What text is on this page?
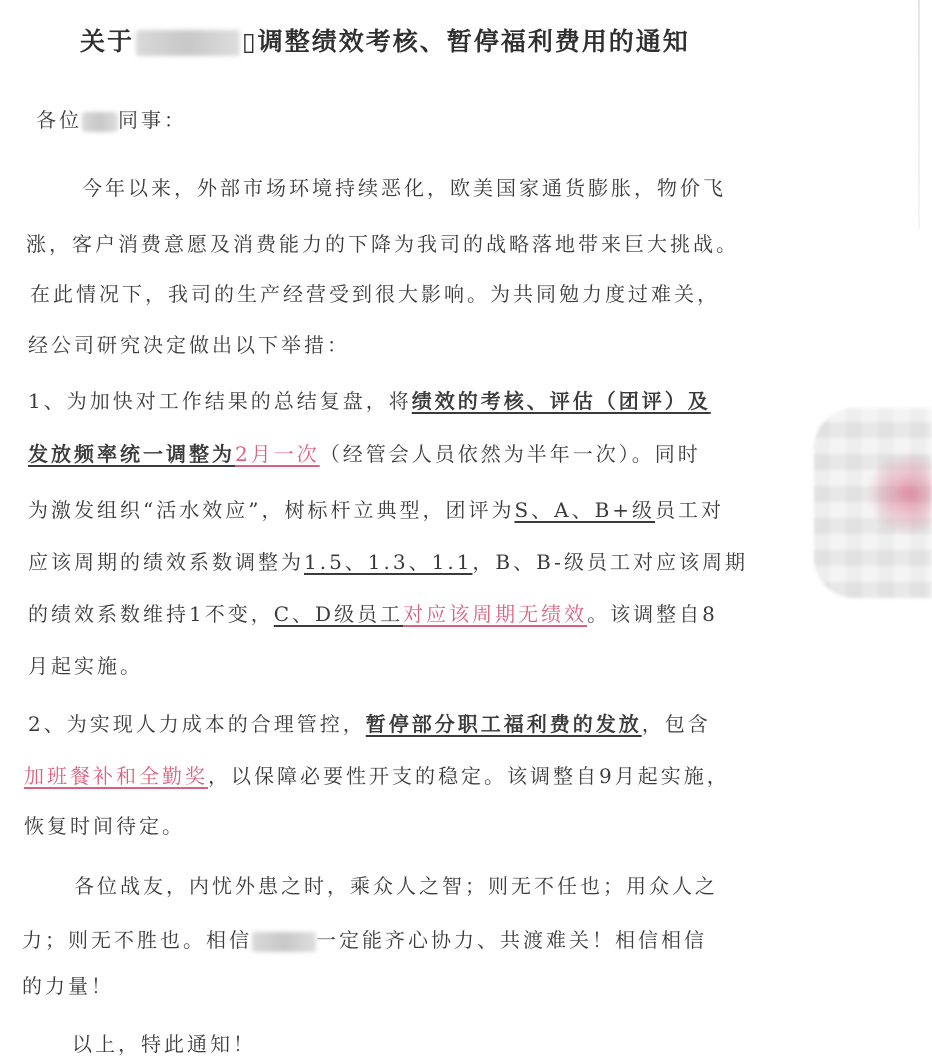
关于	▯调整绩效考核、暂停福利费用的通知
各位 同事：
今年以来，外部市场环境持续恶化，欧美国家通货膨胀，物价飞
涨，客户消费意愿及消费能力的下降为我司的战略落地带来巨大挑战。
在此情况下，我司的生产经营受到很大影响。为共同勉力度过难关，
经公司研究决定做出以下举措：
1、为加快对工作结果的总结复盘，将绩效的考核、评估（团评）及
发放频率统一调整为2月一次（经管会人员依然为半年一次）。同时
为激发组织“活水效应”，树标杆立典型，团评为S、A、B+级员工对
应该周期的绩效系数调整为1.5、1.3、1.1，B、B-级员工对应该周期
的绩效系数维持1不变，C、D级员工对应该周期无绩效。该调整自8
月起实施。
2、为实现人力成本的合理管控，暂停部分职工福利费的发放，包含
加班餐补和全勤奖，以保障必要性开支的稳定。该调整自9月起实施，
恢复时间待定。
各位战友，内忧外患之时，乘众人之智；则无不任也；用众人之
力；则无不胜也。相信	一定能齐心协力、共渡难关！相信相信
的力量！
以上，特此通知！
